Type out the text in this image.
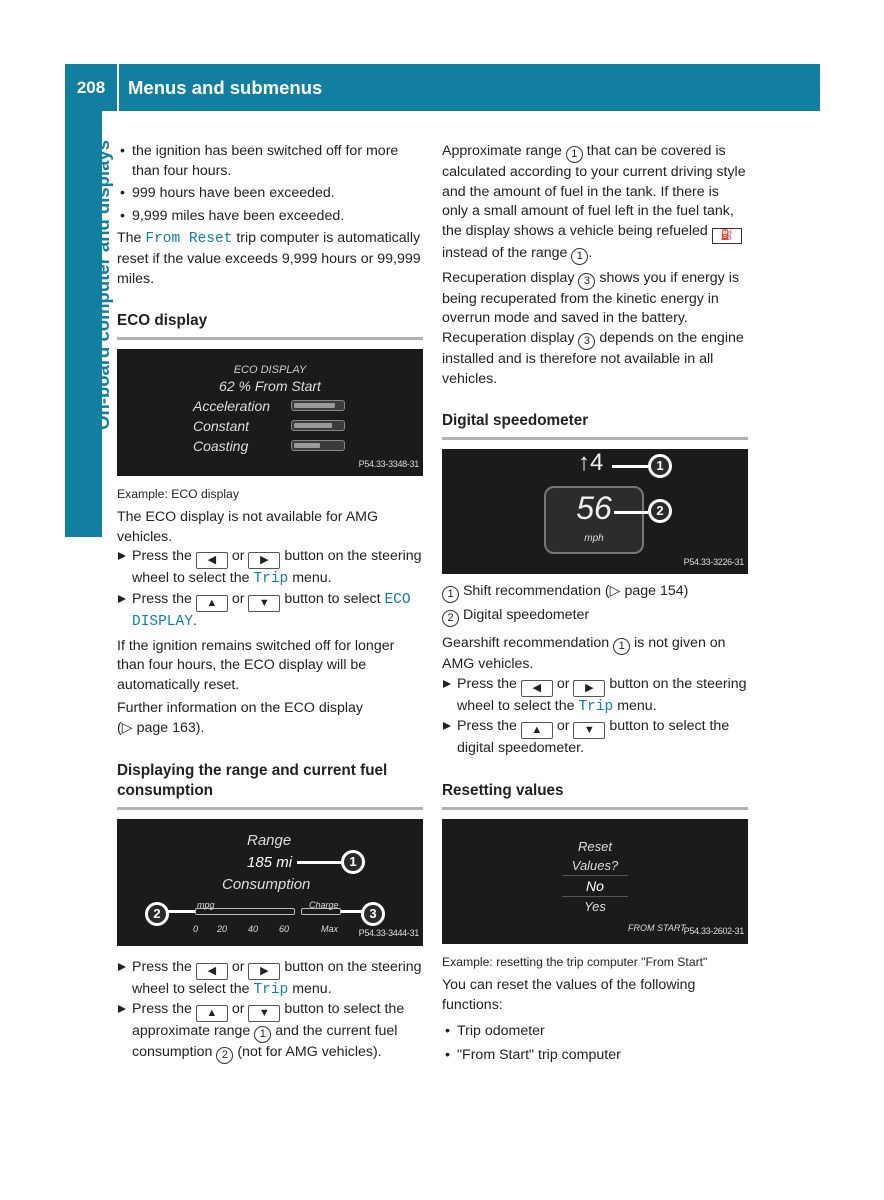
208	Menus and submenus
On-board computer and displays

•	the ignition has been switched off for more than four hours.

• 999 hours have been exceeded.

• 9,999 miles have been exceeded.

The From Reset trip computer is automatically reset if the value exceeds 9,999 hours or 99,999 miles.

ECO display
ECO DISPLAY
62 % From Start
Acceleration
Constant
Coasting
P54.33-3348-31

Example: ECO display

The ECO display is not available for AMG vehicles.

Press the ◀ or ▶ button on the steering wheel to select the Trip menu.

Press the ▲ or ▼ button to select ECO DISPLAY.

If the ignition remains switched off for longer than four hours, the ECO display will be automatically reset.

Further information on the ECO display

(▷ page 163).

Displaying the range and current fuel consumption
Range
185 mi
Consumption
1
mpg	Charge
2	3
0 20 40 60	Max P54.33-3444-31

Press the ◀ or ▶ button on the steering wheel to select the Trip menu.

Press the ▲ or ▼ button to select the approximate range 1 and the current fuel consumption 2 (not for AMG vehicles).

Approximate range 1 that can be covered is calculated according to your current driving style and the amount of fuel in the tank. If there is only a small amount of fuel left in the fuel tank, the display shows a vehicle being refueled ⛽ instead of the range 1 .

Recuperation display 3 shows you if energy is being recuperated from the kinetic energy in overrun mode and saved in the battery. Recuperation display 3 depends on the engine installed and is therefore not available in all vehicles.

Digital speedometer
↑4
56
mph
1
2
P54.33-3226-31

1 Shift recommendation (▷ page 154)

2 Digital speedometer

Gearshift recommendation 1 is not given on AMG vehicles.

Press the ◀ or ▶ button on the steering wheel to select the Trip menu.

Press the ▲ or ▼ button to select the digital speedometer.

Resetting values
Reset
Values?
No
Yes
FROM START
P54.33-2602-31

Example: resetting the trip computer "From Start"

You can reset the values of the following functions:

• Trip odometer

• "From Start" trip computer
